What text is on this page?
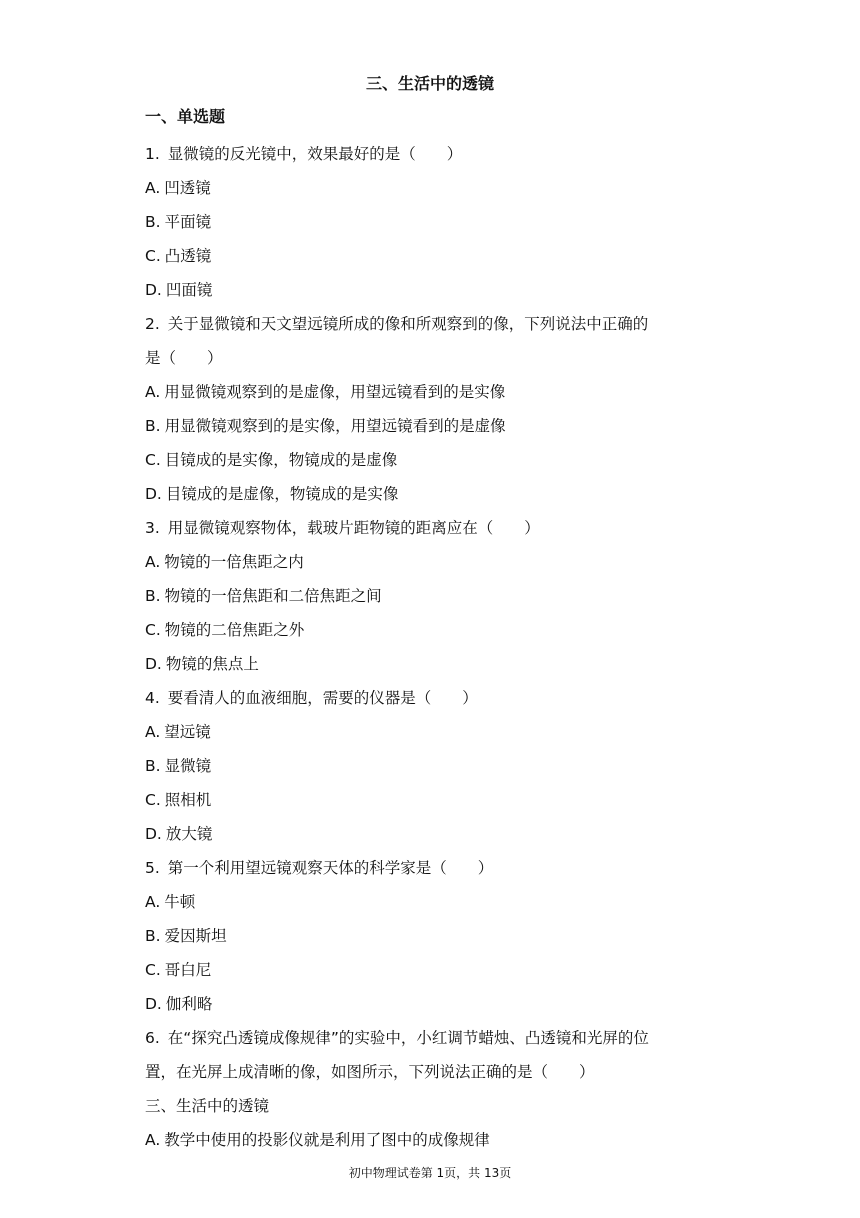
三、生活中的透镜
一、单选题
1. 显微镜的反光镜中，效果最好的是（　　）
A. 凹透镜
B. 平面镜
C. 凸透镜
D. 凹面镜
2. 关于显微镜和天文望远镜所成的像和所观察到的像，下列说法中正确的
是（　　）
A. 用显微镜观察到的是虚像，用望远镜看到的是实像
B. 用显微镜观察到的是实像，用望远镜看到的是虚像
C. 目镜成的是实像，物镜成的是虚像
D. 目镜成的是虚像，物镜成的是实像
3. 用显微镜观察物体，载玻片距物镜的距离应在（　　）
A. 物镜的一倍焦距之内
B. 物镜的一倍焦距和二倍焦距之间
C. 物镜的二倍焦距之外
D. 物镜的焦点上
4. 要看清人的血液细胞，需要的仪器是（　　）
A. 望远镜
B. 显微镜
C. 照相机
D. 放大镜
5. 第一个利用望远镜观察天体的科学家是（　　）
A. 牛顿
B. 爱因斯坦
C. 哥白尼
D. 伽利略
6. 在“探究凸透镜成像规律”的实验中，小红调节蜡烛、凸透镜和光屏的位
置，在光屏上成清晰的像，如图所示，下列说法正确的是（　　）
三、生活中的透镜
A. 教学中使用的投影仪就是利用了图中的成像规律
初中物理试卷第 1页，共 13页
